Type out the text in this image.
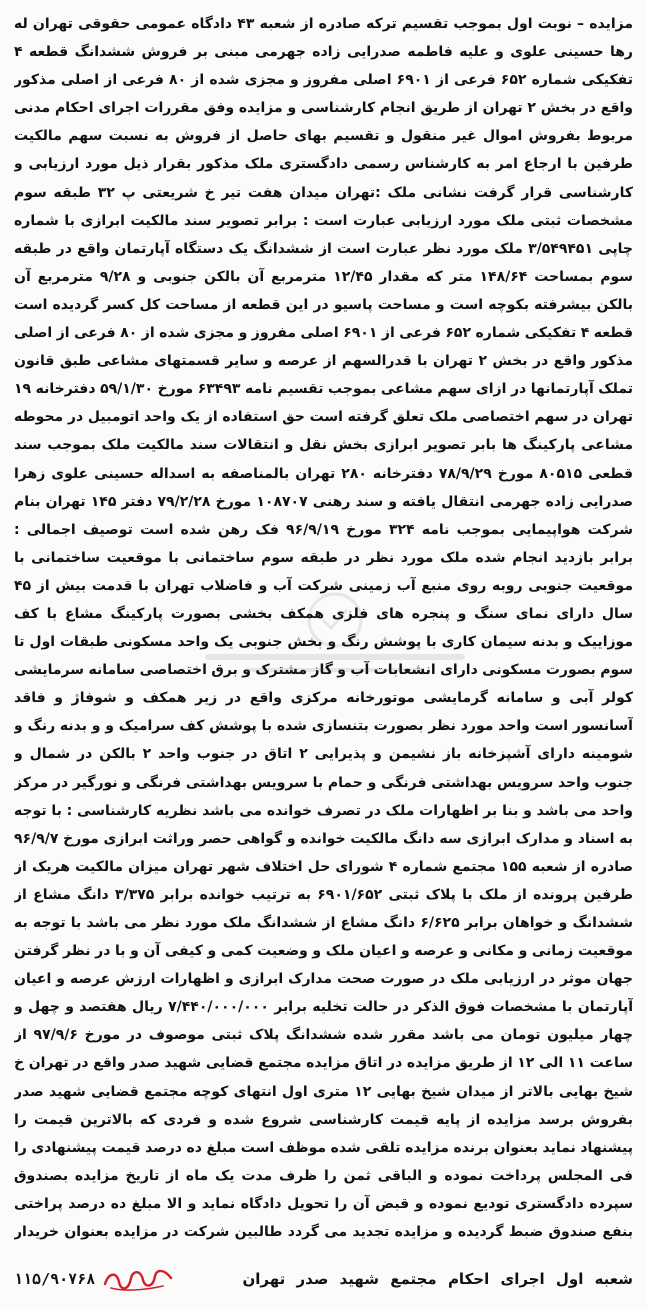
مزایده – نوبت اول بموجب تقسیم ترکه صادره از شعبه ۴۳ دادگاه عمومی حقوقی تهران له رها حسینی علوی و علیه فاطمه صدرایی زاده جهرمی مبنی بر فروش ششدانگ قطعه ۴ تفکیکی شماره ۶۵۲ فرعی از ۶۹۰۱ اصلی مفروز و مجزی شده از ۸۰ فرعی از اصلی مذکور واقع در بخش ۲ تهران از طریق انجام کارشناسی و مزایده وفق مقررات اجرای احکام مدنی مربوط بفروش اموال غیر منقول و تقسیم بهای حاصل از فروش به نسبت سهم مالکیت طرفین با ارجاع امر به کارشناس رسمی دادگستری ملک مذکور بقرار ذیل مورد ارزیابی و کارشناسی قرار گرفت نشانی ملک :تهران میدان هفت تیر خ شریعتی پ ۳۲ طبقه سوم مشخصات ثبتی ملک مورد ارزیابی عبارت است : برابر تصویر سند مالکیت ابرازی با شماره چاپی ۳/۵۴۹۴۵۱ ملک مورد نظر عبارت است از ششدانگ یک دستگاه آپارتمان واقع در طبقه سوم بمساحت ۱۴۸/۶۴ متر که مقدار ۱۲/۴۵ مترمربع آن بالکن جنوبی و ۹/۲۸ مترمربع آن بالکن بیشرفته بکوچه است و مساحت پاسیو در این قطعه از مساحت کل کسر گردیده است قطعه ۴ تفکیکی شماره ۶۵۲ فرعی از ۶۹۰۱ اصلی مفروز و مجزی شده از ۸۰ فرعی از اصلی مذکور واقع در بخش ۲ تهران با قدرالسهم از عرصه و سایر قسمتهای مشاعی طبق قانون تملک آپارتمانها در ازای سهم مشاعی بموجب تقسیم نامه ۶۳۴۹۳ مورخ ۵۹/۱/۳۰ دفترخانه ۱۹ تهران در سهم اختصاصی ملک تعلق گرفته است حق استفاده از یک واحد اتومبیل در محوطه مشاعی پارکینگ ها بابر تصویر ابرازی بخش نقل و انتقالات سند مالکیت ملک بموجب سند قطعی ۸۰۵۱۵ مورخ ۷۸/۹/۲۹ دفترخانه ۲۸۰ تهران بالمناصفه به اسداله حسینی علوی زهرا صدرایی زاده جهرمی انتقال یافته و سند رهنی ۱۰۸۷۰۷ مورخ ۷۹/۲/۲۸ دفتر ۱۴۵ تهران بنام شرکت هواپیمایی بموجب نامه ۳۲۴ مورخ ۹۶/۹/۱۹ فک رهن شده است توصیف اجمالی : برابر بازدید انجام شده ملک مورد نظر در طبقه سوم ساختمانی با موقعیت ساختمانی با موقعیت جنوبی روبه روی منبع آب زمینی شرکت آب و فاضلاب تهران با قدمت بیش از ۴۵ سال دارای نمای سنگ و پنجره های فلزی همکف بخشی بصورت پارکینگ مشاع با کف موزاییک و بدنه سیمان کاری با پوشش رنگ و بخش جنوبی یک واحد مسکونی طبقات اول تا سوم بصورت مسکونی دارای انشعابات آب و گاز مشترک و برق اختصاصی سامانه سرمایشی کولر آبی و سامانه گرمایشی موتورخانه مرکزی واقع در زیر همکف و شوفاژ و فاقد آسانسور است واحد مورد نظر بصورت بتنسازی شده با پوشش کف سرامیک و و بدنه رنگ و شومینه دارای آشپزخانه باز نشیمن و پذیرایی ۲ اتاق در جنوب واحد ۲ بالکن در شمال و جنوب واحد سرویس بهداشتی فرنگی و حمام با سرویس بهداشتی فرنگی و نورگیر در مرکز واحد می باشد و بنا بر اظهارات ملک در تصرف خوانده می باشد نظریه کارشناسی : با توجه به اسناد و مدارک ابرازی سه دانگ مالکیت خوانده و گواهی حصر وراثت ابرازی مورخ ۹۶/۹/۷ صادره از شعبه ۱۵۵ مجتمع شماره ۴ شورای حل اختلاف شهر تهران میزان مالکیت هریک از طرفین پرونده از ملک با پلاک ثبتی ۶۹۰۱/۶۵۲ به ترتیب خوانده برابر ۳/۳۷۵ دانگ مشاع از ششدانگ و خواهان برابر ۶/۶۲۵ دانگ مشاع از ششدانگ ملک مورد نظر می باشد با توجه به موقعیت زمانی و مکانی و عرصه و اعیان ملک و وضعیت کمی و کیفی آن و با در نظر گرفتن جهان موثر در ارزیابی ملک در صورت صحت مدارک ابرازی و اظهارات ارزش عرصه و اعیان آپارتمان با مشخصات فوق الذکر در حالت تخلیه برابر ۷/۴۴۰/۰۰۰/۰۰۰ ریال هفتصد و چهل و چهار میلیون تومان می باشد مقرر شده ششدانگ پلاک ثبتی موصوف در مورخ ۹۷/۹/۶ از ساعت ۱۱ الی ۱۲ از طریق مزایده در اتاق مزایده مجتمع قضایی شهید صدر واقع در تهران خ شیخ بهایی بالاتر از میدان شیخ بهایی ۱۲ متری اول انتهای کوچه مجتمع قضایی شهید صدر بفروش برسد مزایده از پایه قیمت کارشناسی شروع شده و فردی که بالاترین قیمت را پیشنهاد نماید بعنوان برنده مزایده تلقی شده موظف است مبلغ ده درصد قیمت پیشنهادی را فی المجلس پرداخت نموده و الباقی ثمن را ظرف مدت یک ماه از تاریخ مزایده بصندوق سپرده دادگستری تودیع نموده و قبض آن را تحویل دادگاه نماید و الا مبلغ ده درصد پراختی بنفع صندوق ضبط گردیده و مزایده تجدید می گردد طالبین شرکت در مزایده بعنوان خریدار

شعبه اول اجرای احکام مجتمع شهید صدر تهران
۱۱۵/۹۰۷۶۸
